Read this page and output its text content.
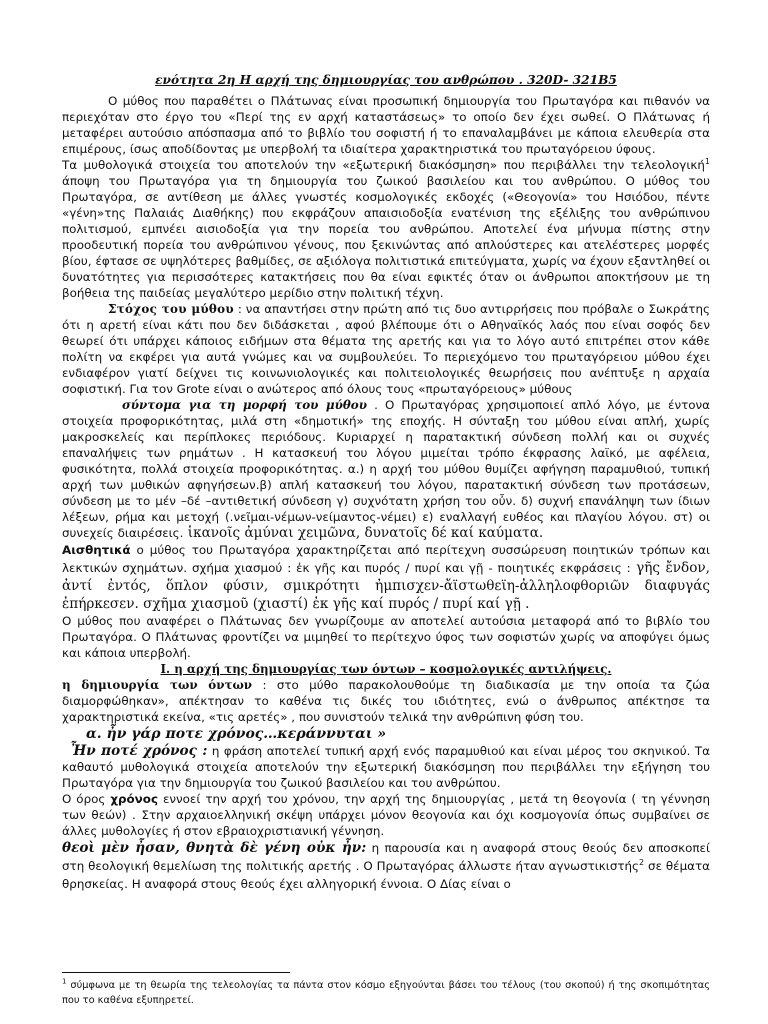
ενότητα 2η Η αρχή της δημιουργίας του ανθρώπου . 320D- 321B5

Ο μύθος που παραθέτει ο Πλάτωνας είναι προσωπική δημιουργία του Πρωταγόρα και πιθανόν να περιεχόταν στο έργο του «Περί της εν αρχή καταστάσεως» το οποίο δεν έχει σωθεί. Ο Πλάτωνας ή μεταφέρει αυτούσιο απόσπασμα από το βιβλίο του σοφιστή ή το επαναλαμβάνει με κάποια ελευθερία στα επιμέρους, ίσως αποδίδοντας με υπερβολή τα ιδιαίτερα χαρακτηριστικά του πρωταγόρειου ύφους.

Τα μυθολογικά στοιχεία του αποτελούν την «εξωτερική διακόσμηση» που περιβάλλει την τελεολογική$^1$ άποψη του Πρωταγόρα για τη δημιουργία του ζωικού βασιλείου και του ανθρώπου. Ο μύθος του Πρωταγόρα, σε αντίθεση με άλλες γνωστές κοσμολογικές εκδοχές («Θεογονία» του Ησιόδου, πέντε «γένη»της Παλαιάς Διαθήκης) που εκφράζουν απαισιοδοξία ενατένιση της εξέλιξης του ανθρώπινου πολιτισμού, εμπνέει αισιοδοξία για την πορεία του ανθρώπου. Αποτελεί ένα μήνυμα πίστης στην προοδευτική πορεία του ανθρώπινου γένους, που ξεκινώντας από απλούστερες και ατελέστερες μορφές βίου, έφτασε σε υψηλότερες βαθμίδες, σε αξιόλογα πολιτιστικά επιτεύγματα, χωρίς να έχουν εξαντληθεί οι δυνατότητες για περισσότερες κατακτήσεις που θα είναι εφικτές όταν οι άνθρωποι αποκτήσουν με τη βοήθεια της παιδείας μεγαλύτερο μερίδιο στην πολιτική τέχνη.

Στόχος του μύθου : να απαντήσει στην πρώτη από τις δυο αντιρρήσεις που πρόβαλε ο Σωκράτης ότι η αρετή είναι κάτι που δεν διδάσκεται , αφού βλέπουμε ότι ο Αθηναϊκός λαός που είναι σοφός δεν θεωρεί ότι υπάρχει κάποιος ειδήμων στα θέματα της αρετής και για το λόγο αυτό επιτρέπει στον κάθε πολίτη να εκφέρει για αυτά γνώμες και να συμβουλεύει. Το περιεχόμενο του πρωταγόρειου μύθου έχει ενδιαφέρον γιατί δείχνει τις κοινωνιολογικές και πολιτειολογικές θεωρήσεις που ανέπτυξε η αρχαία σοφιστική. Για τον Grote είναι ο ανώτερος από όλους τους «πρωταγόρειους» μύθους

σύντομα για τη μορφή του μύθου . Ο Πρωταγόρας χρησιμοποιεί απλό λόγο, με έντονα στοιχεία προφορικότητας, μιλά στη «δημοτική» της εποχής. Η σύνταξη του μύθου είναι απλή, χωρίς μακροσκελείς και περίπλοκες περιόδους. Κυριαρχεί η παρατακτική σύνδεση πολλή και οι συχνές επαναλήψεις των ρημάτων . Η κατασκευή του λόγου μιμείται τρόπο έκφρασης λαϊκό, με αφέλεια, φυσικότητα, πολλά στοιχεία προφορικότητας. α.) η αρχή του μύθου θυμίζει αφήγηση παραμυθιού, τυπική αρχή των μυθικών αφηγήσεων.β) απλή κατασκευή του λόγου, παρατακτική σύνδεση των προτάσεων, σύνδεση με το μέν –δέ –αντιθετική σύνδεση γ) συχνότατη χρήση του οὖν. δ) συχνή επανάληψη των ίδιων λέξεων, ρήμα και μετοχή (.νεῖμαι-νέμων-νείμαντος-νέμει) ε) εναλλαγή ευθέος και πλαγίου λόγου. στ) οι συνεχείς διαιρέσεις. ἱκανοῖς ἀμύναι χειμῶνα, δυνατοῖς δέ καί καύματα.

Αισθητικά ο μύθος του Πρωταγόρα χαρακτηρίζεται από περίτεχνη συσσώρευση ποιητικών τρόπων και λεκτικών σχημάτων. σχήμα χιασμού : ἐκ γῆς και πυρός / πυρί και γῇ - ποιητικές εκφράσεις : γῆς ἔνδον, ἀντί ἐντός, ὅπλον φύσιν, σμικρότητι ἠμπισχεν-ἄϊστωθεϊη-ἀλληλοφθοριῶν διαφυγάς ἐπήρκεσεν. σχῆμα χιασμοῦ (χιαστί) ἐκ γῆς καί πυρός / πυρί καί γῇ .

Ο μύθος που αναφέρει ο Πλάτωνας δεν γνωρίζουμε αν αποτελεί αυτούσια μεταφορά από το βιβλίο του Πρωταγόρα. Ο Πλάτωνας φροντίζει να μιμηθεί το περίτεχνο ύφος των σοφιστών χωρίς να αποφύγει όμως και κάποια υπερβολή.

I. η αρχή της δημιουργίας των όντων – κοσμολογικές αντιλήψεις.

η δημιουργία των όντων : στο μύθο παρακολουθούμε τη διαδικασία με την οποία τα ζώα διαμορφώθηκαν», απέκτησαν το καθένα τις δικές του ιδιότητες, ενώ ο άνθρωπος απέκτησε τα χαρακτηριστικά εκείνα, «τις αρετές» , που συνιστούν τελικά την ανθρώπινη φύση του.

α. ἦν γάρ ποτε χρόνος…κεράννυται »

Ἦν ποτέ χρόνος : η φράση αποτελεί τυπική αρχή ενός παραμυθιού και είναι μέρος του σκηνικού. Τα καθαυτό μυθολογικά στοιχεία αποτελούν την εξωτερική διακόσμηση που περιβάλλει την εξήγηση του Πρωταγόρα για την δημιουργία του ζωικού βασιλείου και του ανθρώπου.

Ο όρος χρόνος εννοεί την αρχή του χρόνου, την αρχή της δημιουργίας , μετά τη θεογονία ( τη γέννηση των θεών) . Στην αρχαιοελληνική σκέψη υπάρχει μόνον θεογονία και όχι κοσμογονία όπως συμβαίνει σε άλλες μυθολογίες ή στον εβραιοχριστιανική γέννηση.

θεοὶ μὲν ἦσαν, θνητὰ δὲ γένη οὐκ ἦν: η παρουσία και η αναφορά στους θεούς δεν αποσκοπεί στη θεολογική θεμελίωση της πολιτικής αρετής . Ο Πρωταγόρας άλλωστε ήταν αγνωστικιστής$^2$ σε θέματα θρησκείας. Η αναφορά στους θεούς έχει αλληγορική έννοια. Ο Δίας είναι ο

$^1$ σύμφωνα με τη θεωρία της τελεολογίας τα πάντα στον κόσμο εξηγούνται βάσει του τέλους (του σκοπού) ή της σκοπιμότητας που το καθένα εξυπηρετεί.
